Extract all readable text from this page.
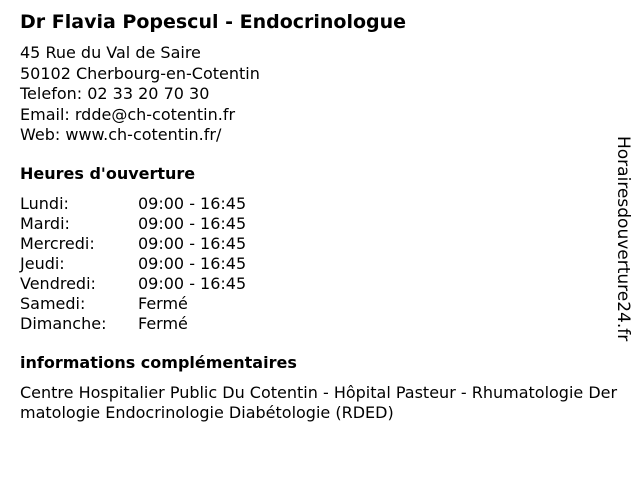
Dr Flavia Popescul - Endocrinologue
45 Rue du Val de Saire
50102 Cherbourg-en-Cotentin
Telefon: 02 33 20 70 30
Email: rdde@ch-cotentin.fr
Web: www.ch-cotentin.fr/
Heures d'ouverture
Lundi:	09:00 - 16:45
Mardi:	09:00 - 16:45
Mercredi:	09:00 - 16:45
Jeudi:	09:00 - 16:45
Vendredi:	09:00 - 16:45
Samedi:	Fermé
Dimanche:	Fermé
informations complémentaires
Centre Hospitalier Public Du Cotentin - Hôpital Pasteur - Rhumatologie Dermatologie Endocrinologie Diabétologie (RDED)
Horairesdouverture24.fr
